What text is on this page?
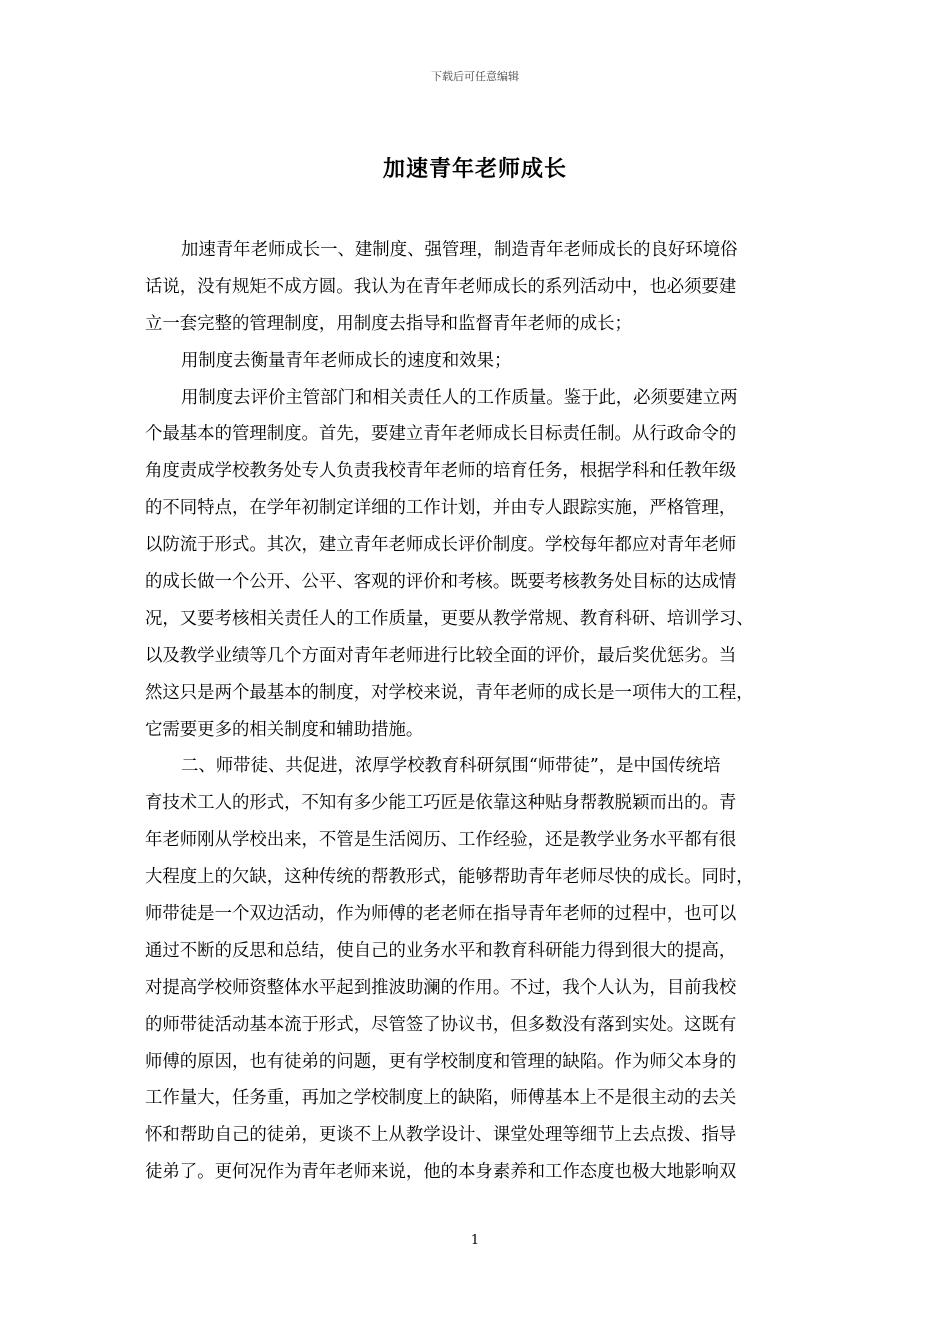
下载后可任意编辑
加速青年老师成长
加速青年老师成长一、建制度、强管理，制造青年老师成长的良好环境俗
话说，没有规矩不成方圆。我认为在青年老师成长的系列活动中，也必须要建
立一套完整的管理制度，用制度去指导和监督青年老师的成长；
用制度去衡量青年老师成长的速度和效果；
用制度去评价主管部门和相关责任人的工作质量。鉴于此，必须要建立两
个最基本的管理制度。首先，要建立青年老师成长目标责任制。从行政命令的
角度责成学校教务处专人负责我校青年老师的培育任务，根据学科和任教年级
的不同特点，在学年初制定详细的工作计划，并由专人跟踪实施，严格管理，
以防流于形式。其次，建立青年老师成长评价制度。学校每年都应对青年老师
的成长做一个公开、公平、客观的评价和考核。既要考核教务处目标的达成情
况，又要考核相关责任人的工作质量，更要从教学常规、教育科研、培训学习、
以及教学业绩等几个方面对青年老师进行比较全面的评价，最后奖优惩劣。当
然这只是两个最基本的制度，对学校来说，青年老师的成长是一项伟大的工程，
它需要更多的相关制度和辅助措施。
二、师带徒、共促进，浓厚学校教育科研氛围“师带徒”，是中国传统培
育技术工人的形式，不知有多少能工巧匠是依靠这种贴身帮教脱颖而出的。青
年老师刚从学校出来，不管是生活阅历、工作经验，还是教学业务水平都有很
大程度上的欠缺，这种传统的帮教形式，能够帮助青年老师尽快的成长。同时，
师带徒是一个双边活动，作为师傅的老老师在指导青年老师的过程中，也可以
通过不断的反思和总结，使自己的业务水平和教育科研能力得到很大的提高，
对提高学校师资整体水平起到推波助澜的作用。不过，我个人认为，目前我校
的师带徒活动基本流于形式，尽管签了协议书，但多数没有落到实处。这既有
师傅的原因，也有徒弟的问题，更有学校制度和管理的缺陷。作为师父本身的
工作量大，任务重，再加之学校制度上的缺陷，师傅基本上不是很主动的去关
怀和帮助自己的徒弟，更谈不上从教学设计、课堂处理等细节上去点拨、指导
徒弟了。更何况作为青年老师来说，他的本身素养和工作态度也极大地影响双
1
